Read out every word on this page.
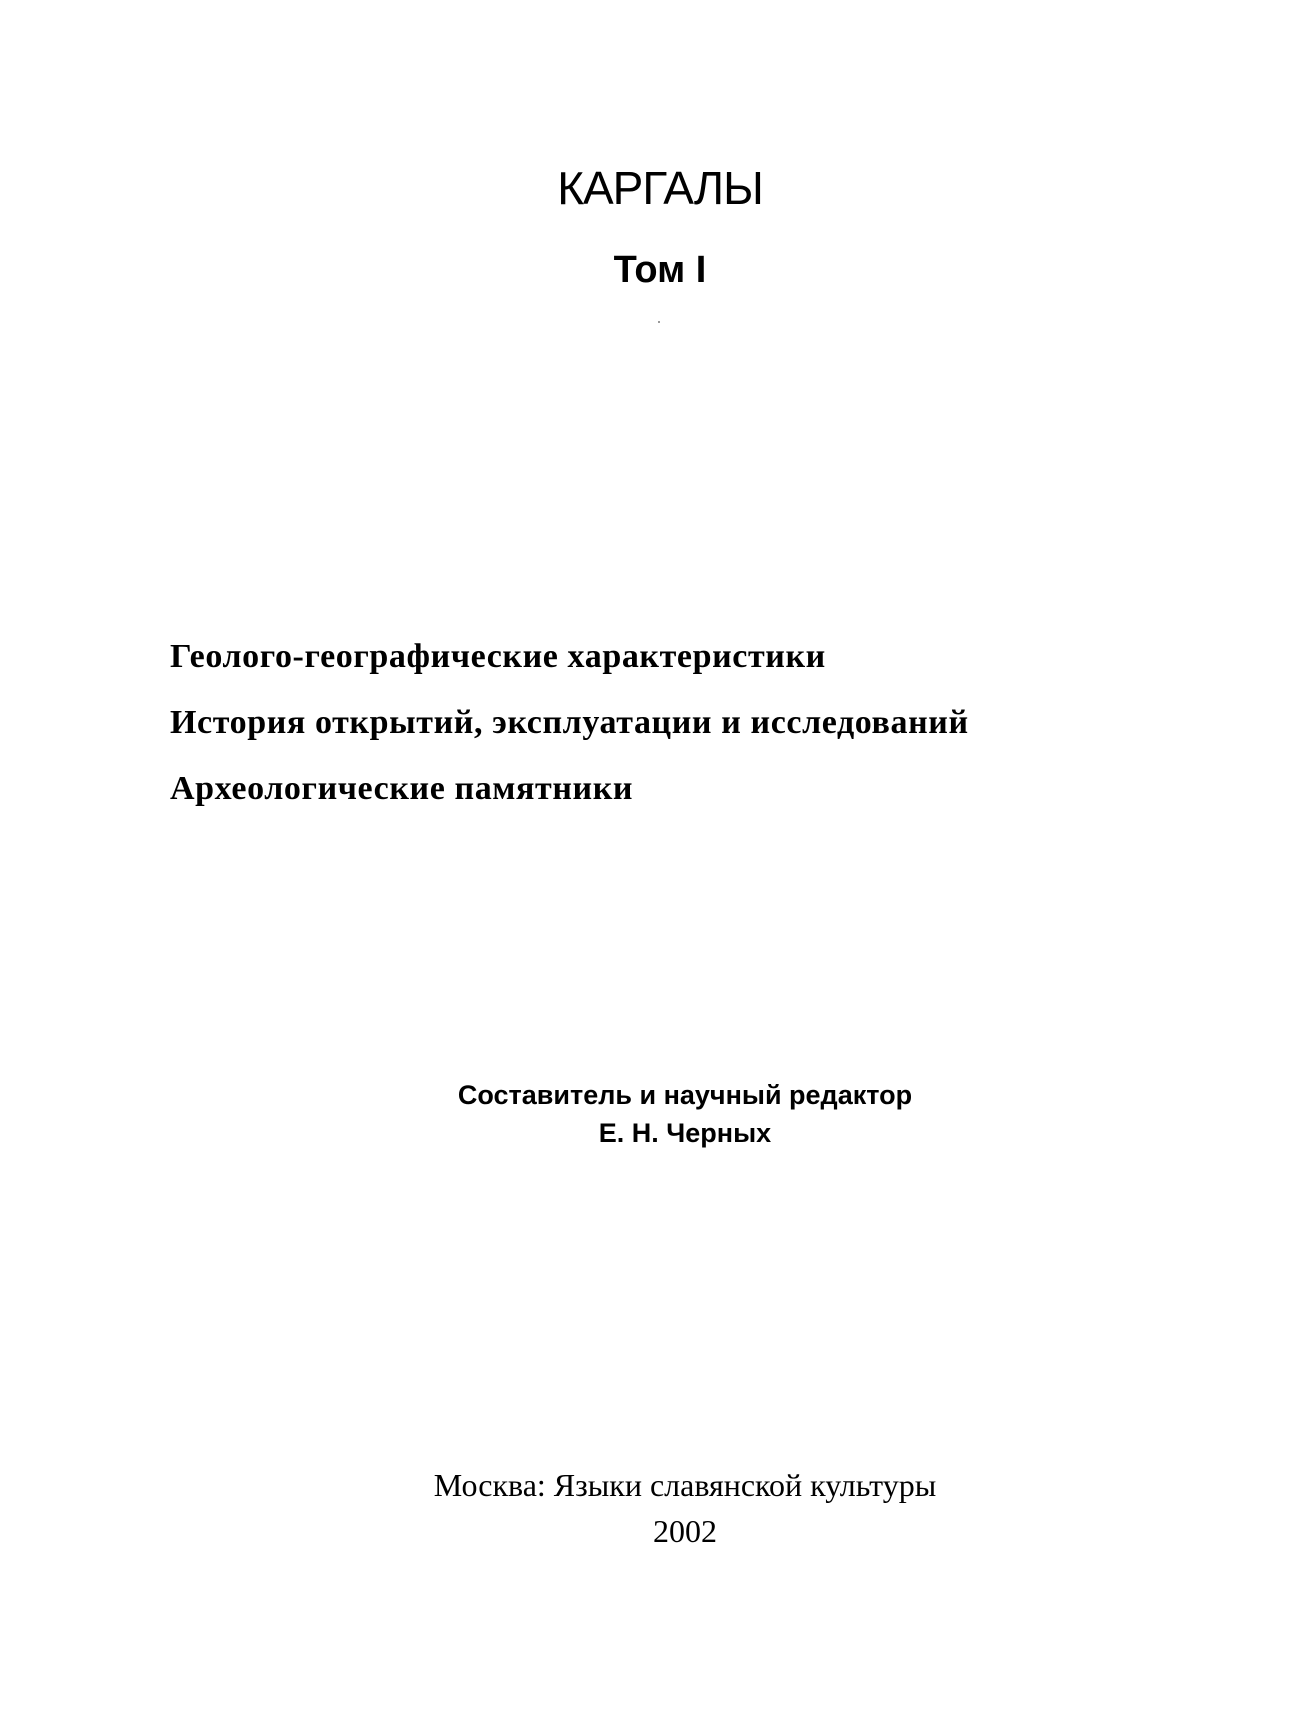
КАРГАЛЫ
Том I
Геолого-географические характеристики
История открытий, эксплуатации и исследований
Археологические памятники
Составитель и научный редактор
Е. Н. Черных
Москва: Языки славянской культуры
2002
